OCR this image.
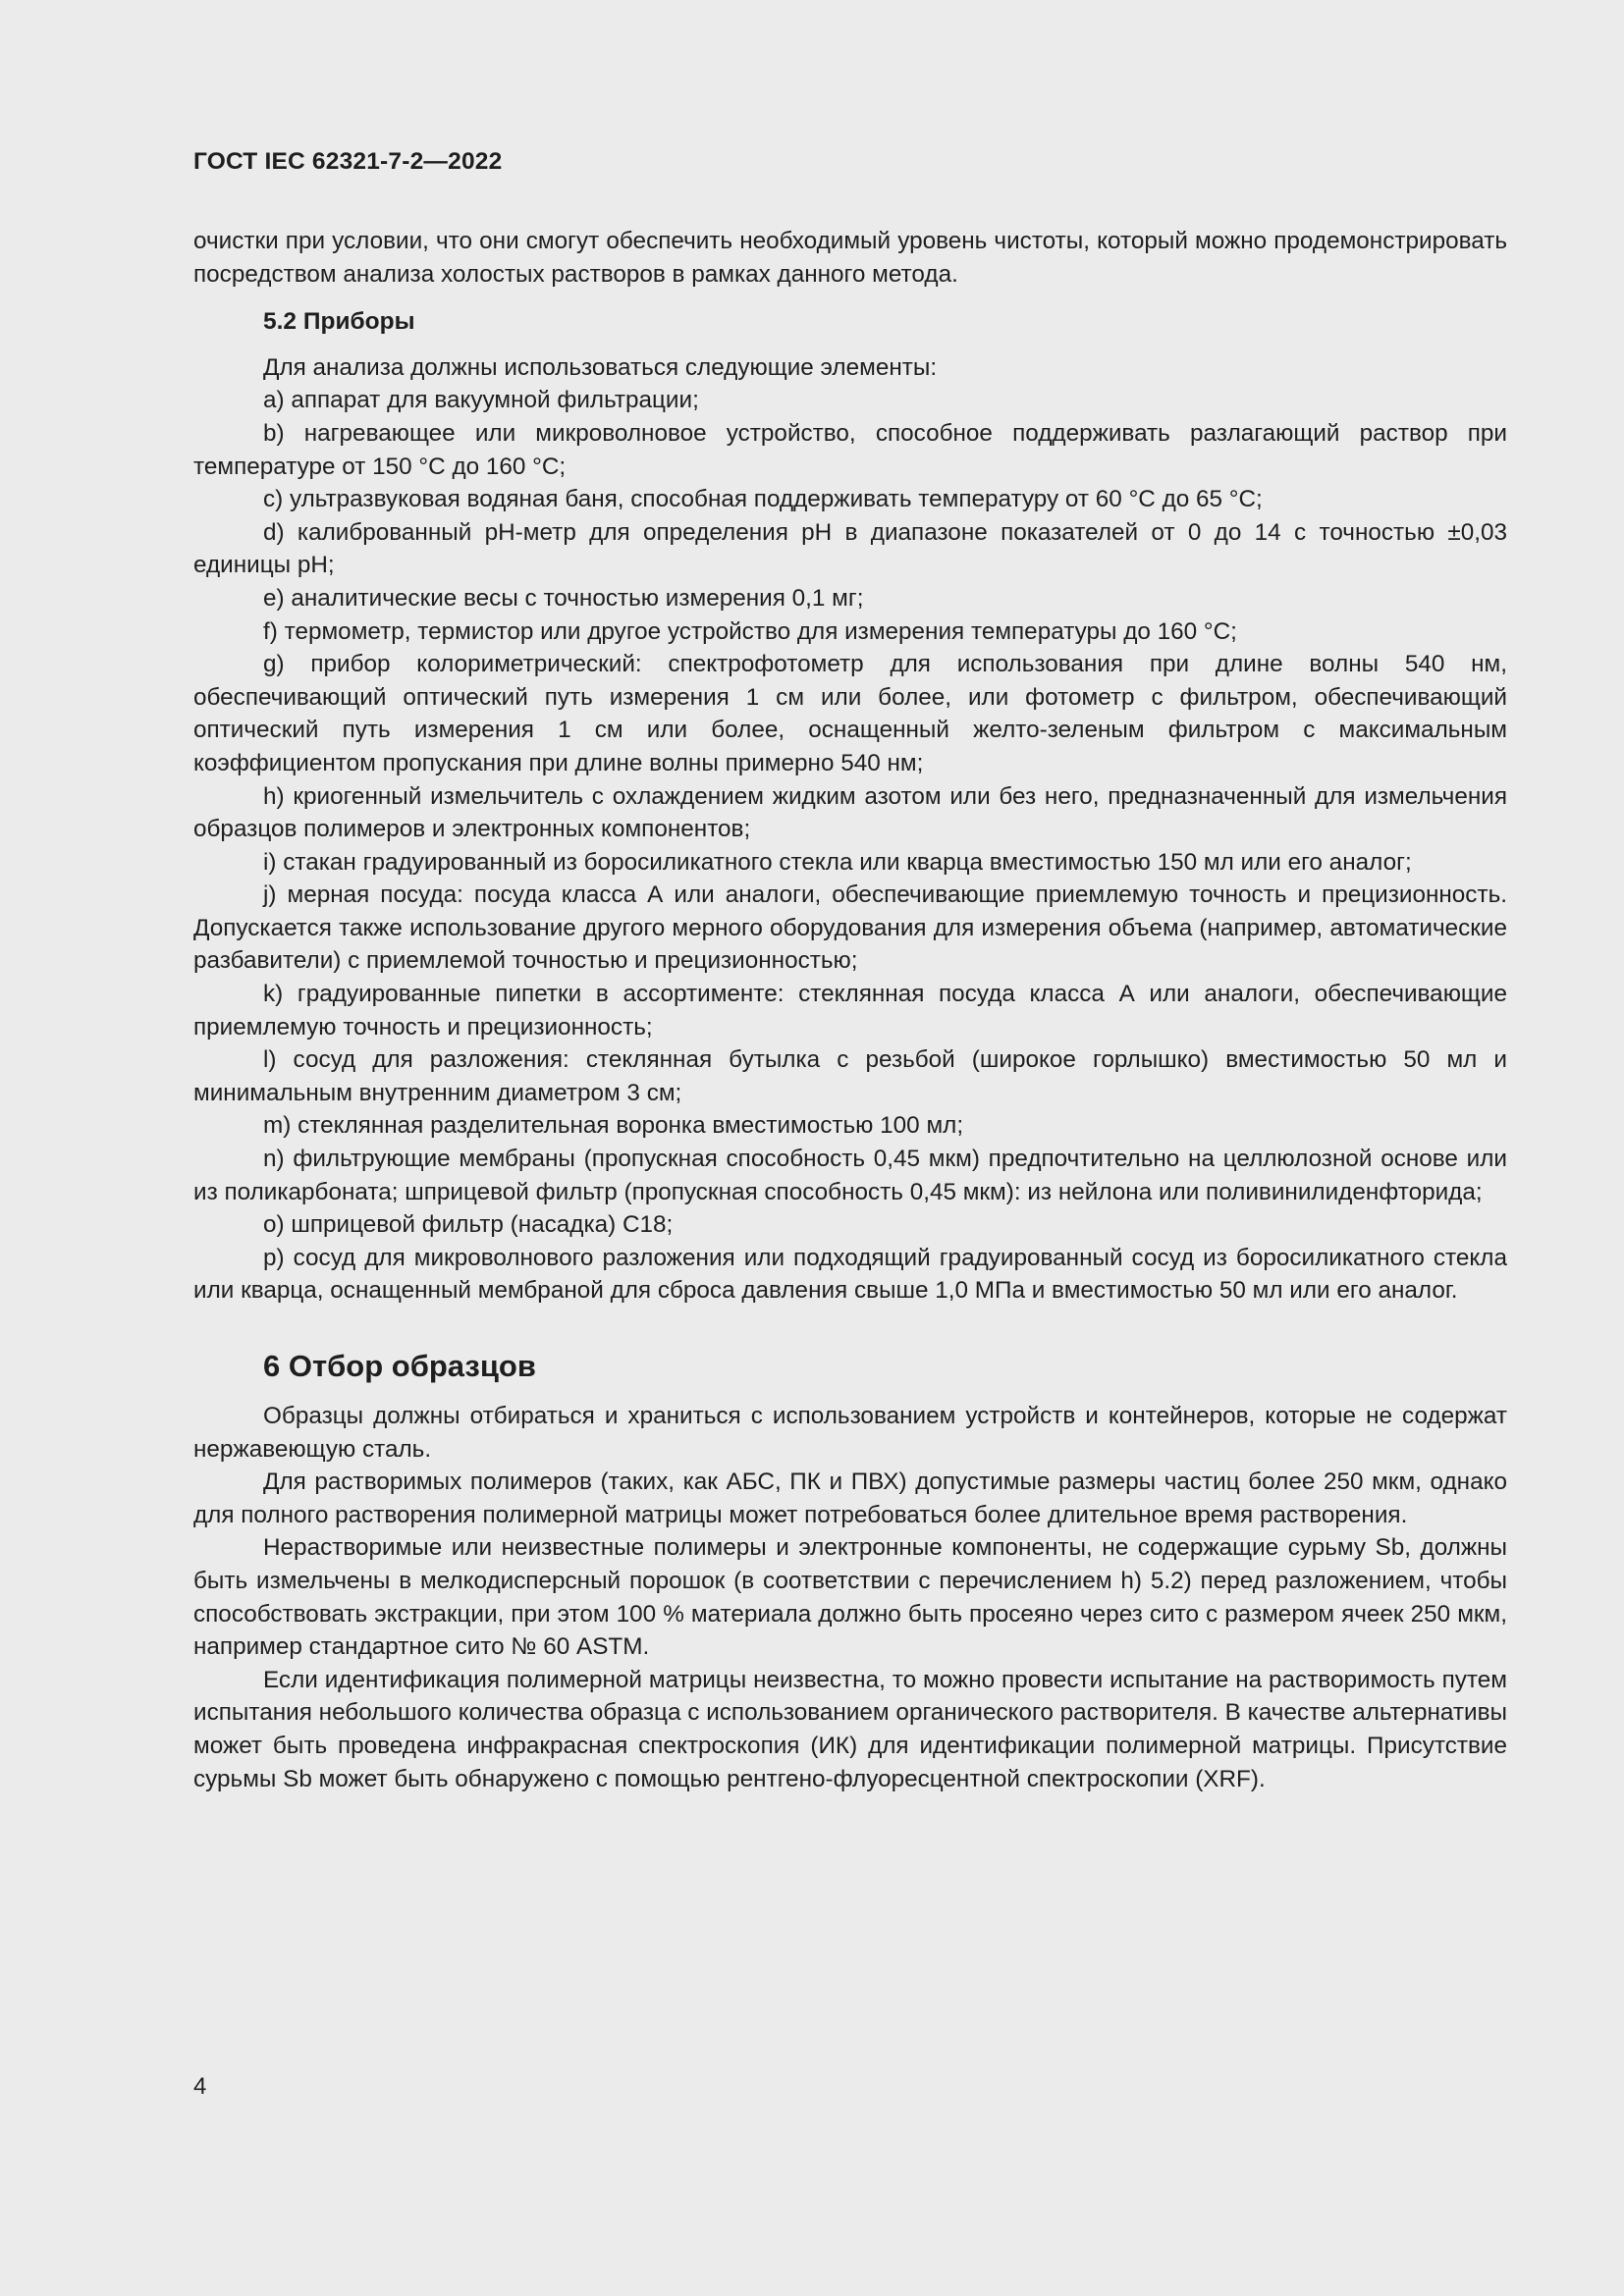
ГОСТ IEC 62321-7-2—2022

очистки при условии, что они смогут обеспечить необходимый уровень чистоты, который можно продемонстрировать посредством анализа холостых растворов в рамках данного метода.

5.2 Приборы

Для анализа должны использоваться следующие элементы:

а) аппарат для вакуумной фильтрации;

b) нагревающее или микроволновое устройство, способное поддерживать разлагающий раствор при температуре от 150 °С до 160 °С;

с) ультразвуковая водяная баня, способная поддерживать температуру от 60 °С до 65 °С;

d) калиброванный pH-метр для определения pH в диапазоне показателей от 0 до 14 с точностью ±0,03 единицы pH;

е) аналитические весы с точностью измерения 0,1 мг;

f) термометр, термистор или другое устройство для измерения температуры до 160 °С;

g) прибор колориметрический: спектрофотометр для использования при длине волны 540 нм, обеспечивающий оптический путь измерения 1 см или более, или фотометр с фильтром, обеспечивающий оптический путь измерения 1 см или более, оснащенный желто-зеленым фильтром с максимальным коэффициентом пропускания при длине волны примерно 540 нм;

h) криогенный измельчитель с охлаждением жидким азотом или без него, предназначенный для измельчения образцов полимеров и электронных компонентов;

i) стакан градуированный из боросиликатного стекла или кварца вместимостью 150 мл или его аналог;

j) мерная посуда: посуда класса А или аналоги, обеспечивающие приемлемую точность и прецизионность. Допускается также использование другого мерного оборудования для измерения объема (например, автоматические разбавители) с приемлемой точностью и прецизионностью;

k) градуированные пипетки в ассортименте: стеклянная посуда класса А или аналоги, обеспечивающие приемлемую точность и прецизионность;

l) сосуд для разложения: стеклянная бутылка с резьбой (широкое горлышко) вместимостью 50 мл и минимальным внутренним диаметром 3 см;

m) стеклянная разделительная воронка вместимостью 100 мл;

n) фильтрующие мембраны (пропускная способность 0,45 мкм) предпочтительно на целлюлозной основе или из поликарбоната; шприцевой фильтр (пропускная способность 0,45 мкм): из нейлона или поливинилиденфторида;

о) шприцевой фильтр (насадка) С18;

р) сосуд для микроволнового разложения или подходящий градуированный сосуд из боросиликатного стекла или кварца, оснащенный мембраной для сброса давления свыше 1,0 МПа и вместимостью 50 мл или его аналог.

6 Отбор образцов

Образцы должны отбираться и храниться с использованием устройств и контейнеров, которые не содержат нержавеющую сталь.

Для растворимых полимеров (таких, как АБС, ПК и ПВХ) допустимые размеры частиц более 250 мкм, однако для полного растворения полимерной матрицы может потребоваться более длительное время растворения.

Нерастворимые или неизвестные полимеры и электронные компоненты, не содержащие сурьму Sb, должны быть измельчены в мелкодисперсный порошок (в соответствии с перечислением h) 5.2) перед разложением, чтобы способствовать экстракции, при этом 100 % материала должно быть просеяно через сито с размером ячеек 250 мкм, например стандартное сито № 60 ASTM.

Если идентификация полимерной матрицы неизвестна, то можно провести испытание на растворимость путем испытания небольшого количества образца с использованием органического растворителя. В качестве альтернативы может быть проведена инфракрасная спектроскопия (ИК) для идентификации полимерной матрицы. Присутствие сурьмы Sb может быть обнаружено с помощью рентгено-флуоресцентной спектроскопии (XRF).

4
